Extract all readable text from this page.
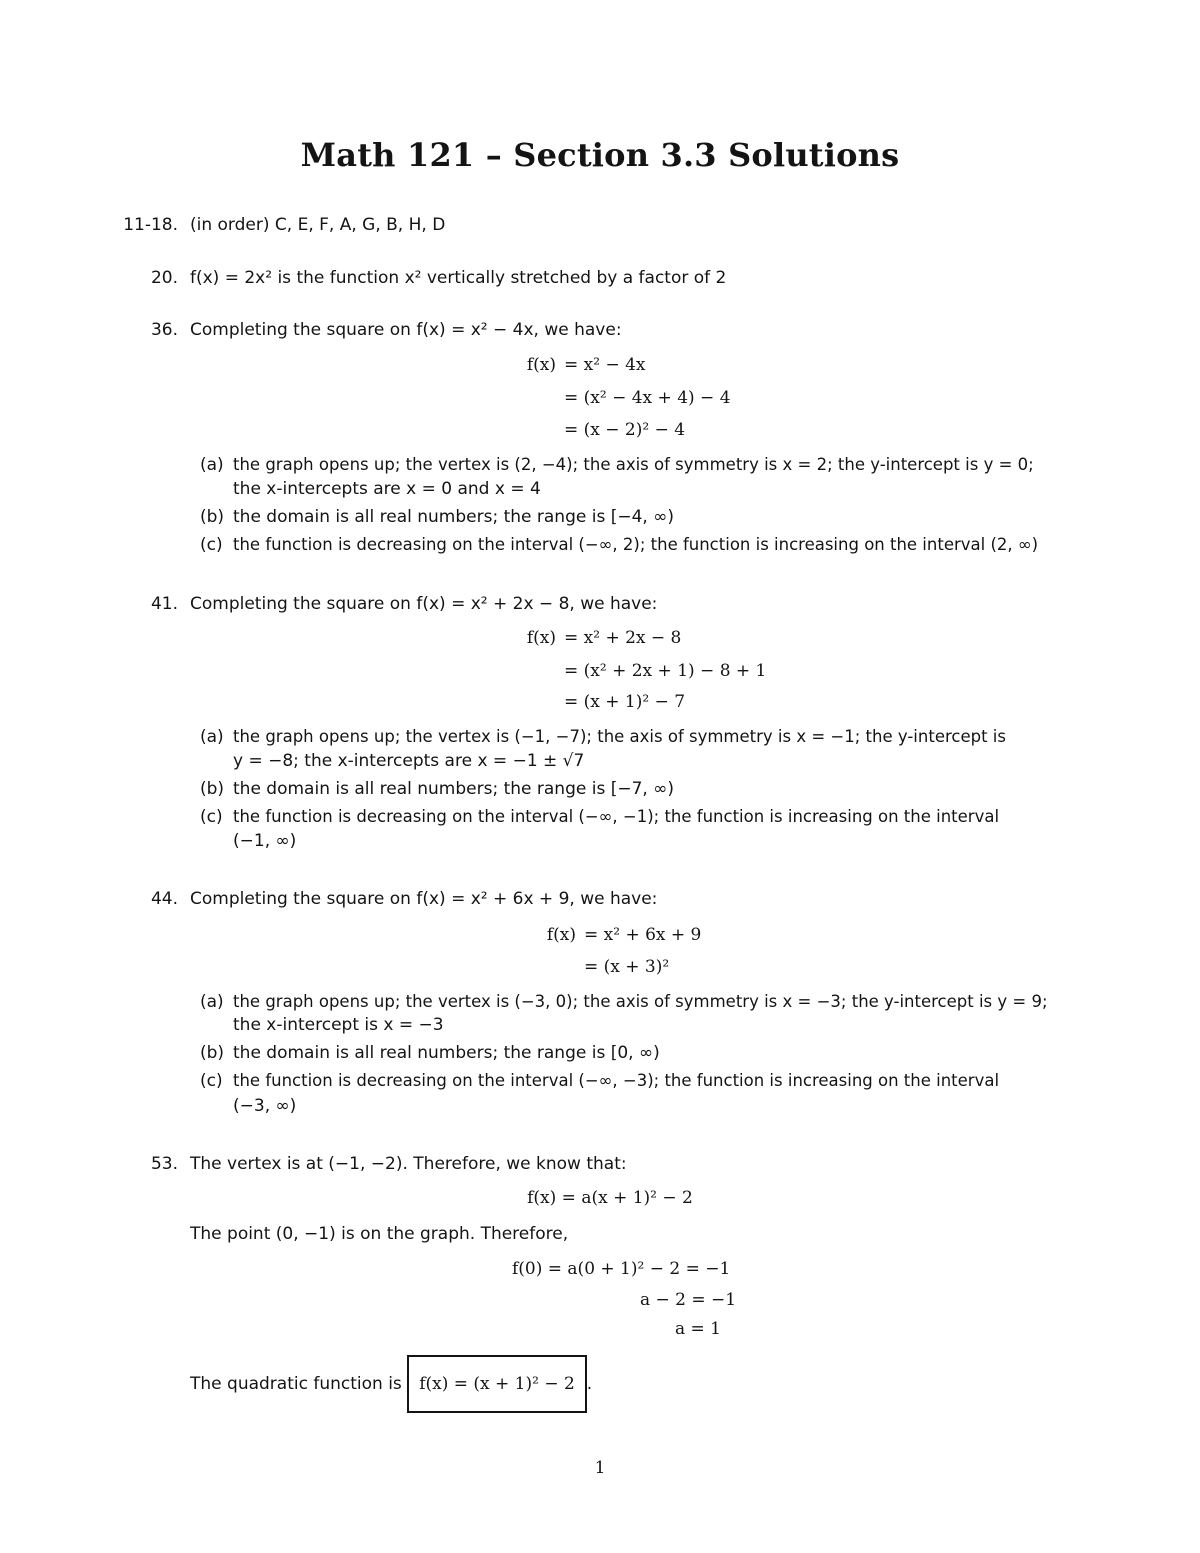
Math 121 – Section 3.3 Solutions
11-18. (in order) C, E, F, A, G, B, H, D
20. f(x) = 2x² is the function x² vertically stretched by a factor of 2
36. Completing the square on f(x) = x² − 4x, we have:
f(x) = x² − 4x
= (x² − 4x + 4) − 4
= (x − 2)² − 4
(a) the graph opens up; the vertex is (2, −4); the axis of symmetry is x = 2; the y-intercept is y = 0;
the x-intercepts are x = 0 and x = 4
(b) the domain is all real numbers; the range is [−4, ∞)
(c) the function is decreasing on the interval (−∞, 2); the function is increasing on the interval (2, ∞)
41. Completing the square on f(x) = x² + 2x − 8, we have:
f(x) = x² + 2x − 8
= (x² + 2x + 1) − 8 + 1
= (x + 1)² − 7
(a) the graph opens up; the vertex is (−1, −7); the axis of symmetry is x = −1; the y-intercept is
y = −8; the x-intercepts are x = −1 ± √7
(b) the domain is all real numbers; the range is [−7, ∞)
(c) the function is decreasing on the interval (−∞, −1); the function is increasing on the interval
(−1, ∞)
44. Completing the square on f(x) = x² + 6x + 9, we have:
f(x) = x² + 6x + 9
= (x + 3)²
(a) the graph opens up; the vertex is (−3, 0); the axis of symmetry is x = −3; the y-intercept is y = 9;
the x-intercept is x = −3
(b) the domain is all real numbers; the range is [0, ∞)
(c) the function is decreasing on the interval (−∞, −3); the function is increasing on the interval
(−3, ∞)
53. The vertex is at (−1, −2). Therefore, we know that:
f(x) = a(x + 1)² − 2
The point (0, −1) is on the graph. Therefore,
f(0) = a(0 + 1)² − 2 = −1
a − 2 = −1
a = 1
The quadratic function is f(x) = (x + 1)² − 2 .
1
